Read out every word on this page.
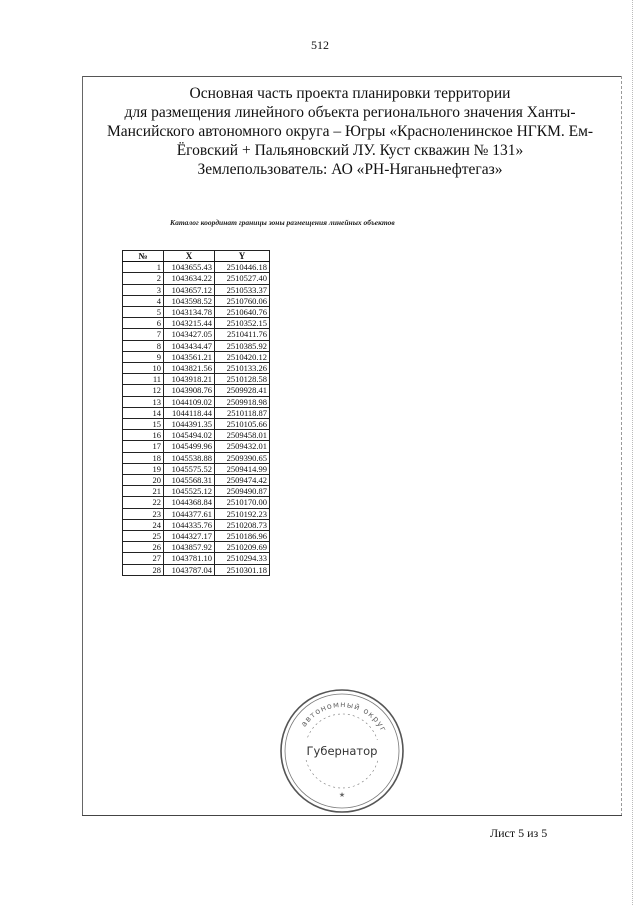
512
Основная часть проекта планировки территории
для размещения линейного объекта регионального значения Ханты-
Мансийского автономного округа – Югры «Красноленинское НГКМ. Ем-
Ёговский + Пальяновский ЛУ. Куст скважин № 131»
Землепользователь: АО «РН-Няганьнефтегаз»
Каталог координат границы зоны размещения линейных объектов
№	X	Y
1	1043655.43	2510446.18
2	1043634.22	2510527.40
3	1043657.12	2510533.37
4	1043598.52	2510760.06
5	1043134.78	2510640.76
6	1043215.44	2510352.15
7	1043427.05	2510411.76
8	1043434.47	2510385.92
9	1043561.21	2510420.12
10	1043821.56	2510133.26
11	1043918.21	2510128.58
12	1043908.76	2509928.41
13	1044109.02	2509918.98
14	1044118.44	2510118.87
15	1044391.35	2510105.66
16	1045494.02	2509458.01
17	1045499.96	2509432.01
18	1045538.88	2509390.65
19	1045575.52	2509414.99
20	1045568.31	2509474.42
21	1045525.12	2509490.87
22	1044368.84	2510170.00
23	1044377.61	2510192.23
24	1044335.76	2510208.73
25	1044327.17	2510186.96
26	1043857.92	2510209.69
27	1043781.10	2510294.33
28	1043787.04	2510301.18
автономный округ
Губернатор
★
Лист 5 из 5
